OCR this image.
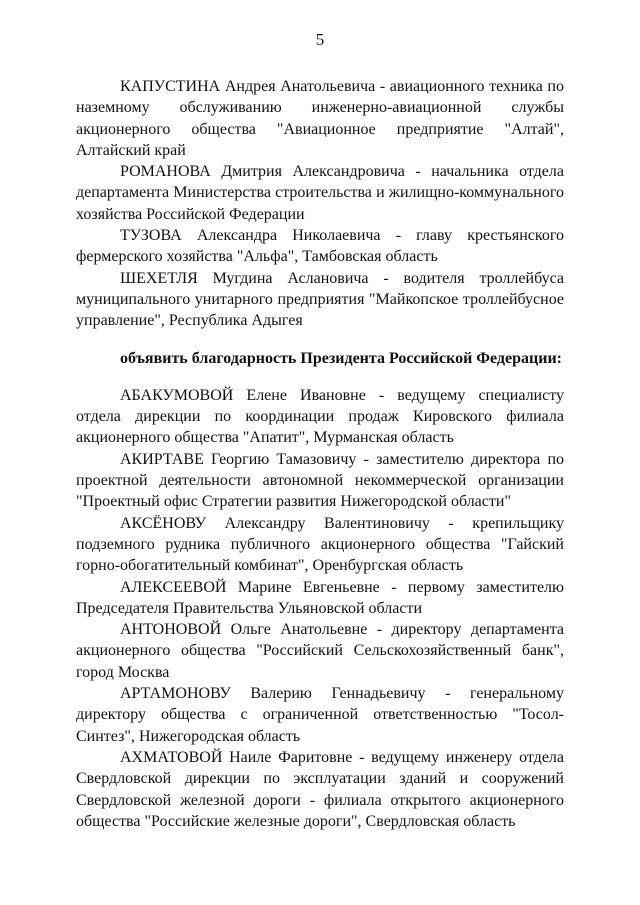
5

КАПУСТИНА Андрея Анатольевича - авиационного техника по наземному обслуживанию инженерно-авиационной службы акционерного общества "Авиационное предприятие "Алтай", Алтайский край

РОМАНОВА Дмитрия Александровича - начальника отдела департамента Министерства строительства и жилищно-коммунального хозяйства Российской Федерации

ТУЗОВА Александра Николаевича - главу крестьянского фермерского хозяйства "Альфа", Тамбовская область

ШЕХЕТЛЯ Мугдина Аслановича - водителя троллейбуса муниципального унитарного предприятия "Майкопское троллейбусное управление", Республика Адыгея

объявить благодарность Президента Российской Федерации:

АБАКУМОВОЙ Елене Ивановне - ведущему специалисту отдела дирекции по координации продаж Кировского филиала акционерного общества "Апатит", Мурманская область

АКИРТАВЕ Георгию Тамазовичу - заместителю директора по проектной деятельности автономной некоммерческой организации "Проектный офис Стратегии развития Нижегородской области"

АКСЁНОВУ Александру Валентиновичу - крепильщику подземного рудника публичного акционерного общества "Гайский горно-обогатительный комбинат", Оренбургская область

АЛЕКСЕЕВОЙ Марине Евгеньевне - первому заместителю Председателя Правительства Ульяновской области

АНТОНОВОЙ Ольге Анатольевне - директору департамента акционерного общества "Российский Сельскохозяйственный банк", город Москва

АРТАМОНОВУ Валерию Геннадьевичу - генеральному директору общества с ограниченной ответственностью "Тосол-Синтез", Нижегородская область

АХМАТОВОЙ Наиле Фаритовне - ведущему инженеру отдела Свердловской дирекции по эксплуатации зданий и сооружений Свердловской железной дороги - филиала открытого акционерного общества "Российские железные дороги", Свердловская область
